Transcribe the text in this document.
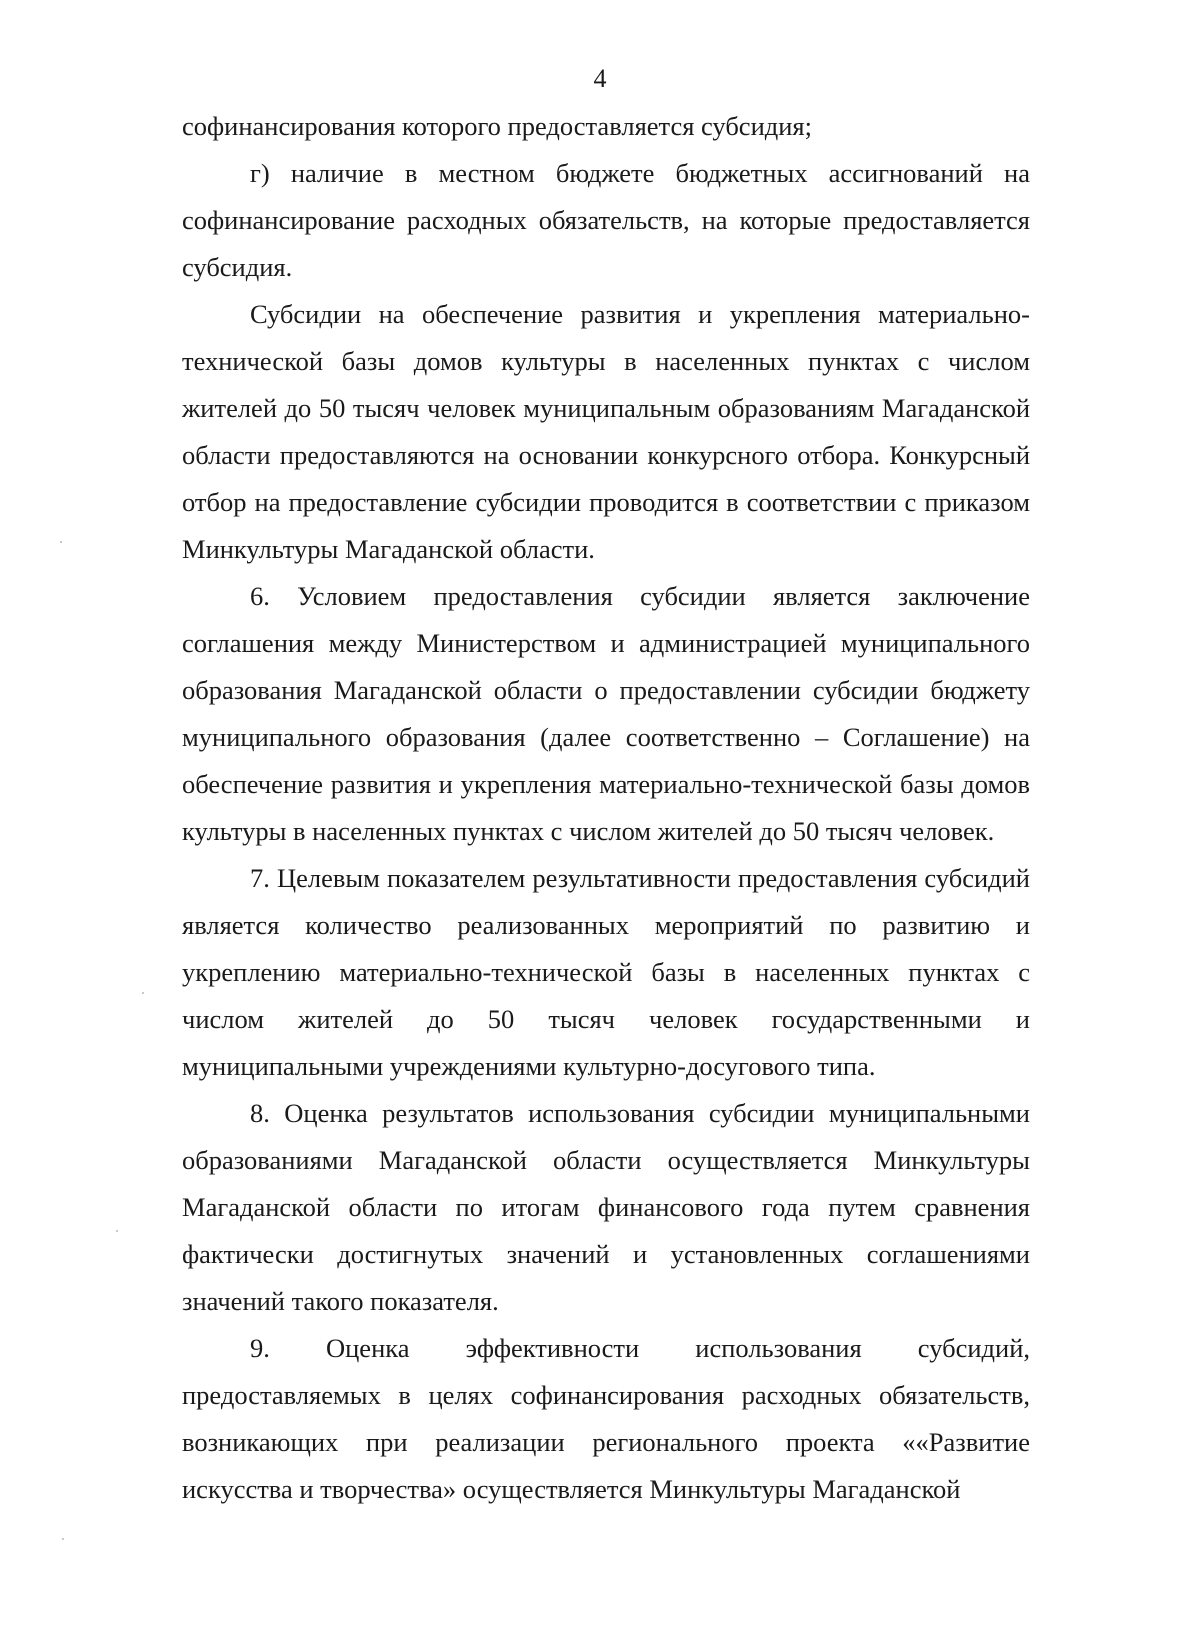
4

софинансирования которого предоставляется субсидия;

г) наличие в местном бюджете бюджетных ассигнований на софинансирование расходных обязательств, на которые предоставляется субсидия.

Субсидии на обеспечение развития и укрепления материально-технической базы домов культуры в населенных пунктах с числом жителей до 50 тысяч человек муниципальным образованиям Магаданской области предоставляются на основании конкурсного отбора. Конкурсный отбор на предоставление субсидии проводится в соответствии с приказом Минкультуры Магаданской области.

6. Условием предоставления субсидии является заключение соглашения между Министерством и администрацией муниципального образования Магаданской области о предоставлении субсидии бюджету муниципального образования (далее соответственно – Соглашение) на обеспечение развития и укрепления материально-технической базы домов культуры в населенных пунктах с числом жителей до 50 тысяч человек.

7. Целевым показателем результативности предоставления субсидий является количество реализованных мероприятий по развитию и укреплению материально-технической базы в населенных пунктах с числом жителей до 50 тысяч человек государственными и муниципальными учреждениями культурно-досугового типа.

8. Оценка результатов использования субсидии муниципальными образованиями Магаданской области осуществляется Минкультуры Магаданской области по итогам финансового года путем сравнения фактически достигнутых значений и установленных соглашениями значений такого показателя.

9. Оценка эффективности использования субсидий, предоставляемых в целях софинансирования расходных обязательств, возникающих при реализации регионального проекта ««Развитие искусства и творчества» осуществляется Минкультуры Магаданской
